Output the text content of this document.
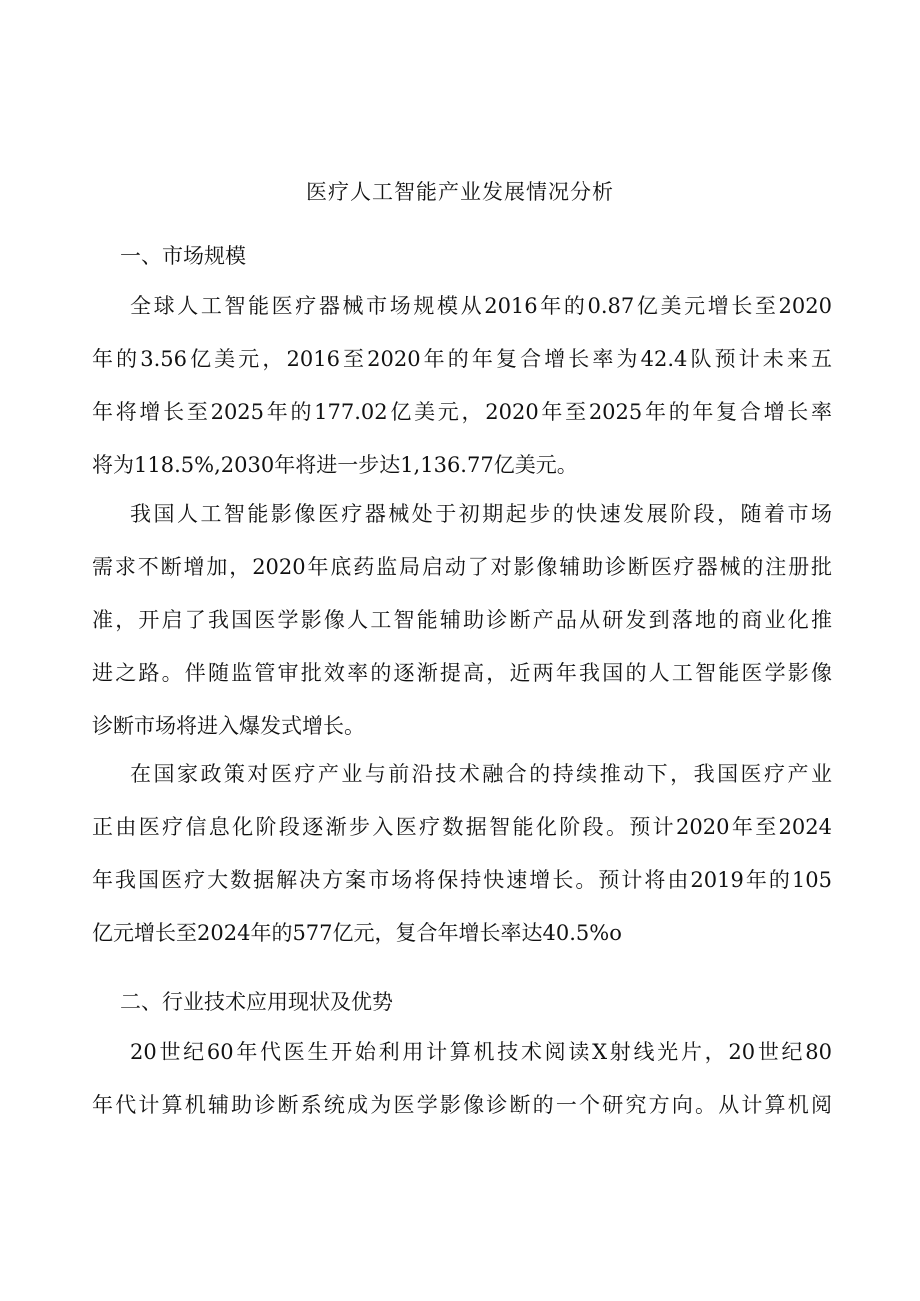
医疗人工智能产业发展情况分析
一、市场规模
全球人工智能医疗器械市场规模从2016年的0.87亿美元增长至2020
年的3.56亿美元，2016至2020年的年复合增长率为42.4队预计未来五
年将增长至2025年的177.02亿美元，2020年至2025年的年复合增长率
将为118.5%,2030年将进一步达1,136.77亿美元。
我国人工智能影像医疗器械处于初期起步的快速发展阶段，随着市场
需求不断增加，2020年底药监局启动了对影像辅助诊断医疗器械的注册批
准，开启了我国医学影像人工智能辅助诊断产品从研发到落地的商业化推
进之路。伴随监管审批效率的逐渐提高，近两年我国的人工智能医学影像
诊断市场将进入爆发式增长。
在国家政策对医疗产业与前沿技术融合的持续推动下，我国医疗产业
正由医疗信息化阶段逐渐步入医疗数据智能化阶段。预计2020年至2024
年我国医疗大数据解决方案市场将保持快速增长。预计将由2019年的105
亿元增长至2024年的577亿元，复合年增长率达40.5%o
二、行业技术应用现状及优势
20世纪60年代医生开始利用计算机技术阅读X射线光片，20世纪80
年代计算机辅助诊断系统成为医学影像诊断的一个研究方向。从计算机阅
